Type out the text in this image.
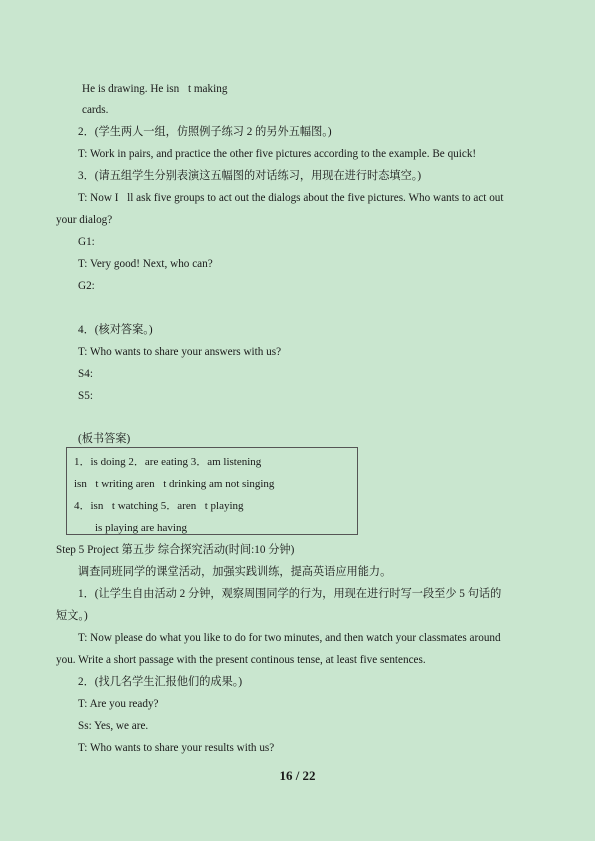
He is drawing. He isn t making
cards.
2．(学生两人一组，仿照例子练习 2 的另外五幅图。)
T: Work in pairs, and practice the other five pictures according to the example. Be quick!
3．(请五组学生分别表演这五幅图的对话练习，用现在进行时态填空。)
T: Now I ll ask five groups to act out the dialogs about the five pictures. Who wants to act out
your dialog?
G1:  
T: Very good! Next, who can?
G2:  
 
4．(核对答案。)
T: Who wants to share your answers with us?
S4:  
S5:  
 
(板书答案)
1．is doing 2．are eating 3．am listening
isn t writing aren t drinking am not singing
4．isn t watching 5．aren t playing
is playing are having
Step 5 Project 第五步 综合探究活动(时间:10 分钟)
调查同班同学的课堂活动，加强实践训练，提高英语应用能力。
1．(让学生自由活动 2 分钟，观察周围同学的行为，用现在进行时写一段至少 5 句话的
短文。)
T: Now please do what you like to do for two minutes, and then watch your classmates around
you. Write a short passage with the present continous tense, at least five sentences.
2．(找几名学生汇报他们的成果。)
T: Are you ready?
Ss: Yes, we are.
T: Who wants to share your results with us?
16 / 22
